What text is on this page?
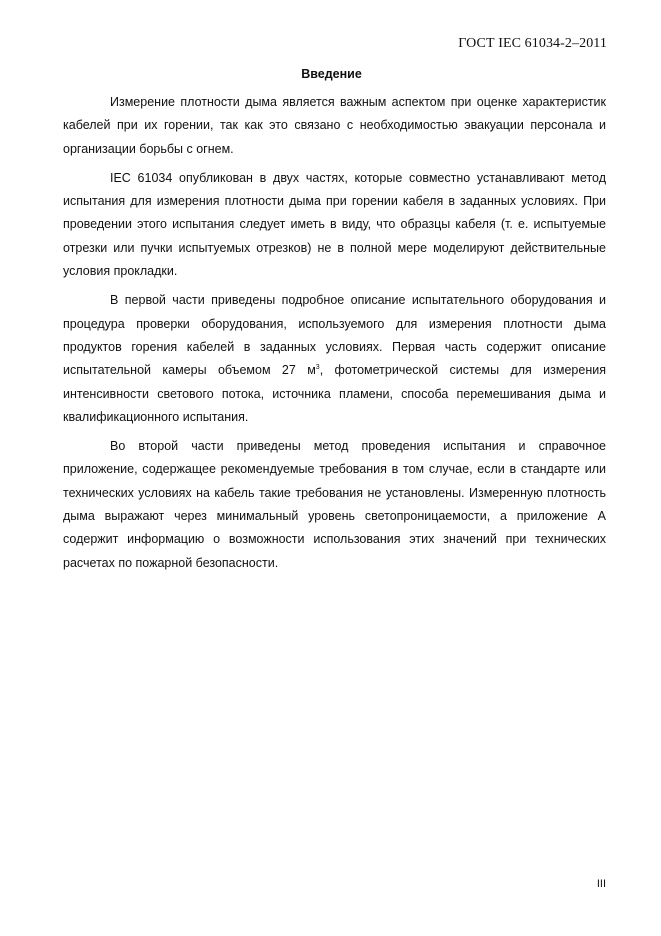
ГОСТ IEC 61034-2–2011

Введение

Измерение плотности дыма является важным аспектом при оценке характеристик кабелей при их горении, так как это связано с необходимостью эвакуации персонала и организации борьбы с огнем.

IEC 61034 опубликован в двух частях, которые совместно устанавливают метод испытания для измерения плотности дыма при горении кабеля в заданных условиях. При проведении этого испытания следует иметь в виду, что образцы кабеля (т. е. испытуемые отрезки или пучки испытуемых отрезков) не в полной мере моделируют действительные условия прокладки.

В первой части приведены подробное описание испытательного оборудования и процедура проверки оборудования, используемого для измерения плотности дыма продуктов горения кабелей в заданных условиях. Первая часть содержит описание испытательной камеры объемом 27 $м^3$, фотометрической системы для измерения интенсивности светового потока, источника пламени, способа перемешивания дыма и квалификационного испытания.

Во второй части приведены метод проведения испытания и справочное приложение, содержащее рекомендуемые требования в том случае, если в стандарте или технических условиях на кабель такие требования не установлены. Измеренную плотность дыма выражают через минимальный уровень светопроницаемости, а приложение А содержит информацию о возможности использования этих значений при технических расчетах по пожарной безопасности.

III
